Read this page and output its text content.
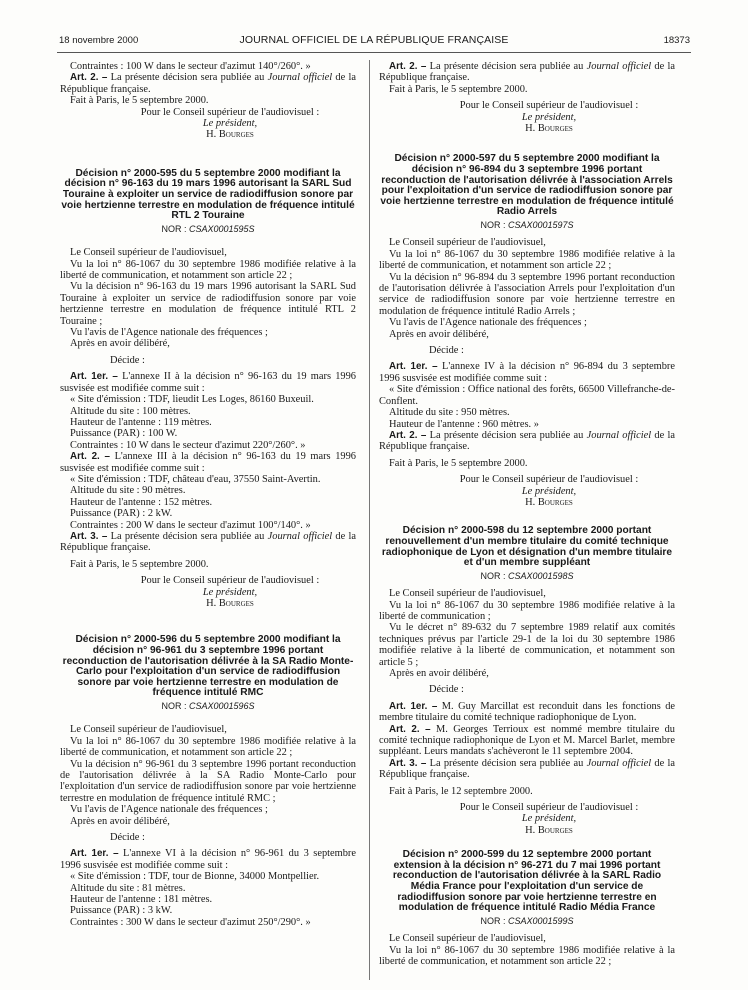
18 novembre 2000	JOURNAL OFFICIEL DE LA RÉPUBLIQUE FRANÇAISE	18373

Contraintes : 100 W dans le secteur d'azimut 140°/260°. »

Art. 2. – La présente décision sera publiée au Journal officiel de la République française.

Fait à Paris, le 5 septembre 2000.

Pour le Conseil supérieur de l'audiovisuel :
Le président,
H. Bourges

Décision n° 2000-595 du 5 septembre 2000 modifiant la décision n° 96-163 du 19 mars 1996 autorisant la SARL Sud Touraine à exploiter un service de radiodiffusion sonore par voie hertzienne terrestre en modulation de fréquence intitulé RTL 2 Touraine

NOR : CSAX0001595S

Le Conseil supérieur de l'audiovisuel,

Vu la loi n° 86-1067 du 30 septembre 1986 modifiée relative à la liberté de communication, et notamment son article 22 ;

Vu la décision n° 96-163 du 19 mars 1996 autorisant la SARL Sud Touraine à exploiter un service de radiodiffusion sonore par voie hertzienne terrestre en modulation de fréquence intitulé RTL 2 Touraine ;

Vu l'avis de l'Agence nationale des fréquences ;

Après en avoir délibéré,

Décide :

Art. 1er. – L'annexe II à la décision n° 96-163 du 19 mars 1996 susvisée est modifiée comme suit :

« Site d'émission : TDF, lieudit Les Loges, 86160 Buxeuil.

Altitude du site : 100 mètres.

Hauteur de l'antenne : 119 mètres.

Puissance (PAR) : 100 W.

Contraintes : 10 W dans le secteur d'azimut 220°/260°. »

Art. 2. – L'annexe III à la décision n° 96-163 du 19 mars 1996 susvisée est modifiée comme suit :

« Site d'émission : TDF, château d'eau, 37550 Saint-Avertin.

Altitude du site : 90 mètres.

Hauteur de l'antenne : 152 mètres.

Puissance (PAR) : 2 kW.

Contraintes : 200 W dans le secteur d'azimut 100°/140°. »

Art. 3. – La présente décision sera publiée au Journal officiel de la République française.

Fait à Paris, le 5 septembre 2000.

Pour le Conseil supérieur de l'audiovisuel :
Le président,
H. Bourges

Décision n° 2000-596 du 5 septembre 2000 modifiant la décision n° 96-961 du 3 septembre 1996 portant reconduction de l'autorisation délivrée à la SA Radio Monte-Carlo pour l'exploitation d'un service de radiodiffusion sonore par voie hertzienne terrestre en modulation de fréquence intitulé RMC

NOR : CSAX0001596S

Le Conseil supérieur de l'audiovisuel,

Vu la loi n° 86-1067 du 30 septembre 1986 modifiée relative à la liberté de communication, et notamment son article 22 ;

Vu la décision n° 96-961 du 3 septembre 1996 portant reconduction de l'autorisation délivrée à la SA Radio Monte-Carlo pour l'exploitation d'un service de radiodiffusion sonore par voie hertzienne terrestre en modulation de fréquence intitulé RMC ;

Vu l'avis de l'Agence nationale des fréquences ;

Après en avoir délibéré,

Décide :

Art. 1er. – L'annexe VI à la décision n° 96-961 du 3 septembre 1996 susvisée est modifiée comme suit :

« Site d'émission : TDF, tour de Bionne, 34000 Montpellier.

Altitude du site : 81 mètres.

Hauteur de l'antenne : 181 mètres.

Puissance (PAR) : 3 kW.

Contraintes : 300 W dans le secteur d'azimut 250°/290°. »

Art. 2. – La présente décision sera publiée au Journal officiel de la République française.

Fait à Paris, le 5 septembre 2000.

Pour le Conseil supérieur de l'audiovisuel :
Le président,
H. Bourges

Décision n° 2000-597 du 5 septembre 2000 modifiant la décision n° 96-894 du 3 septembre 1996 portant reconduction de l'autorisation délivrée à l'association Arrels pour l'exploitation d'un service de radiodiffusion sonore par voie hertzienne terrestre en modulation de fréquence intitulé Radio Arrels

NOR : CSAX0001597S

Le Conseil supérieur de l'audiovisuel,

Vu la loi n° 86-1067 du 30 septembre 1986 modifiée relative à la liberté de communication, et notamment son article 22 ;

Vu la décision n° 96-894 du 3 septembre 1996 portant reconduction de l'autorisation délivrée à l'association Arrels pour l'exploitation d'un service de radiodiffusion sonore par voie hertzienne terrestre en modulation de fréquence intitulé Radio Arrels ;

Vu l'avis de l'Agence nationale des fréquences ;

Après en avoir délibéré,

Décide :

Art. 1er. – L'annexe IV à la décision n° 96-894 du 3 septembre 1996 susvisée est modifiée comme suit :

« Site d'émission : Office national des forêts, 66500 Villefranche-de-Conflent.

Altitude du site : 950 mètres.

Hauteur de l'antenne : 960 mètres. »

Art. 2. – La présente décision sera publiée au Journal officiel de la République française.

Fait à Paris, le 5 septembre 2000.

Pour le Conseil supérieur de l'audiovisuel :
Le président,
H. Bourges

Décision n° 2000-598 du 12 septembre 2000 portant renouvellement d'un membre titulaire du comité technique radiophonique de Lyon et désignation d'un membre titulaire et d'un membre suppléant

NOR : CSAX0001598S

Le Conseil supérieur de l'audiovisuel,

Vu la loi n° 86-1067 du 30 septembre 1986 modifiée relative à la liberté de communication ;

Vu le décret n° 89-632 du 7 septembre 1989 relatif aux comités techniques prévus par l'article 29-1 de la loi du 30 septembre 1986 modifiée relative à la liberté de communication, et notamment son article 5 ;

Après en avoir délibéré,

Décide :

Art. 1er. – M. Guy Marcillat est reconduit dans les fonctions de membre titulaire du comité technique radiophonique de Lyon.

Art. 2. – M. Georges Terrioux est nommé membre titulaire du comité technique radiophonique de Lyon et M. Marcel Barlet, membre suppléant. Leurs mandats s'achèveront le 11 septembre 2004.

Art. 3. – La présente décision sera publiée au Journal officiel de la République française.

Fait à Paris, le 12 septembre 2000.

Pour le Conseil supérieur de l'audiovisuel :
Le président,
H. Bourges

Décision n° 2000-599 du 12 septembre 2000 portant extension à la décision n° 96-271 du 7 mai 1996 portant reconduction de l'autorisation délivrée à la SARL Radio Média France pour l'exploitation d'un service de radiodiffusion sonore par voie hertzienne terrestre en modulation de fréquence intitulé Radio Média France

NOR : CSAX0001599S

Le Conseil supérieur de l'audiovisuel,

Vu la loi n° 86-1067 du 30 septembre 1986 modifiée relative à la liberté de communication, et notamment son article 22 ;
